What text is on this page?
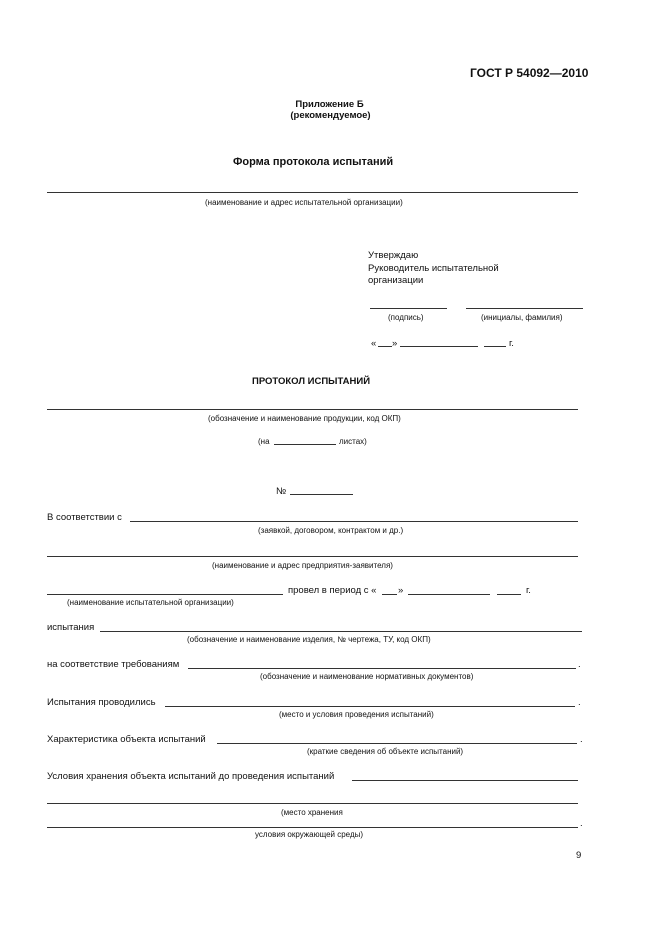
ГОСТ Р 54092—2010
Приложение Б
(рекомендуемое)
Форма протокола испытаний
(наименование и адрес испытательной организации)
Утверждаю
Руководитель испытательной
организации
(подпись)	(инициалы, фамилия)
« »	г.
ПРОТОКОЛ ИСПЫТАНИЙ
(обозначение и наименование продукции, код ОКП)
(на	листах)
№
В соответствии с
(заявкой, договором, контрактом и др.)
(наименование и адрес предприятия-заявителя)
провел в период с « »	г.
(наименование испытательной организации)
испытания
(обозначение и наименование изделия, № чертежа, ТУ, код ОКП)
на соответствие требованиям	.
(обозначение и наименование нормативных документов)
Испытания проводились	.
(место и условия проведения испытаний)
Характеристика объекта испытаний	.
(краткие сведения об объекте испытаний)
Условия хранения объекта испытаний до проведения испытаний
(место хранения
.
условия окружающей среды)
9
